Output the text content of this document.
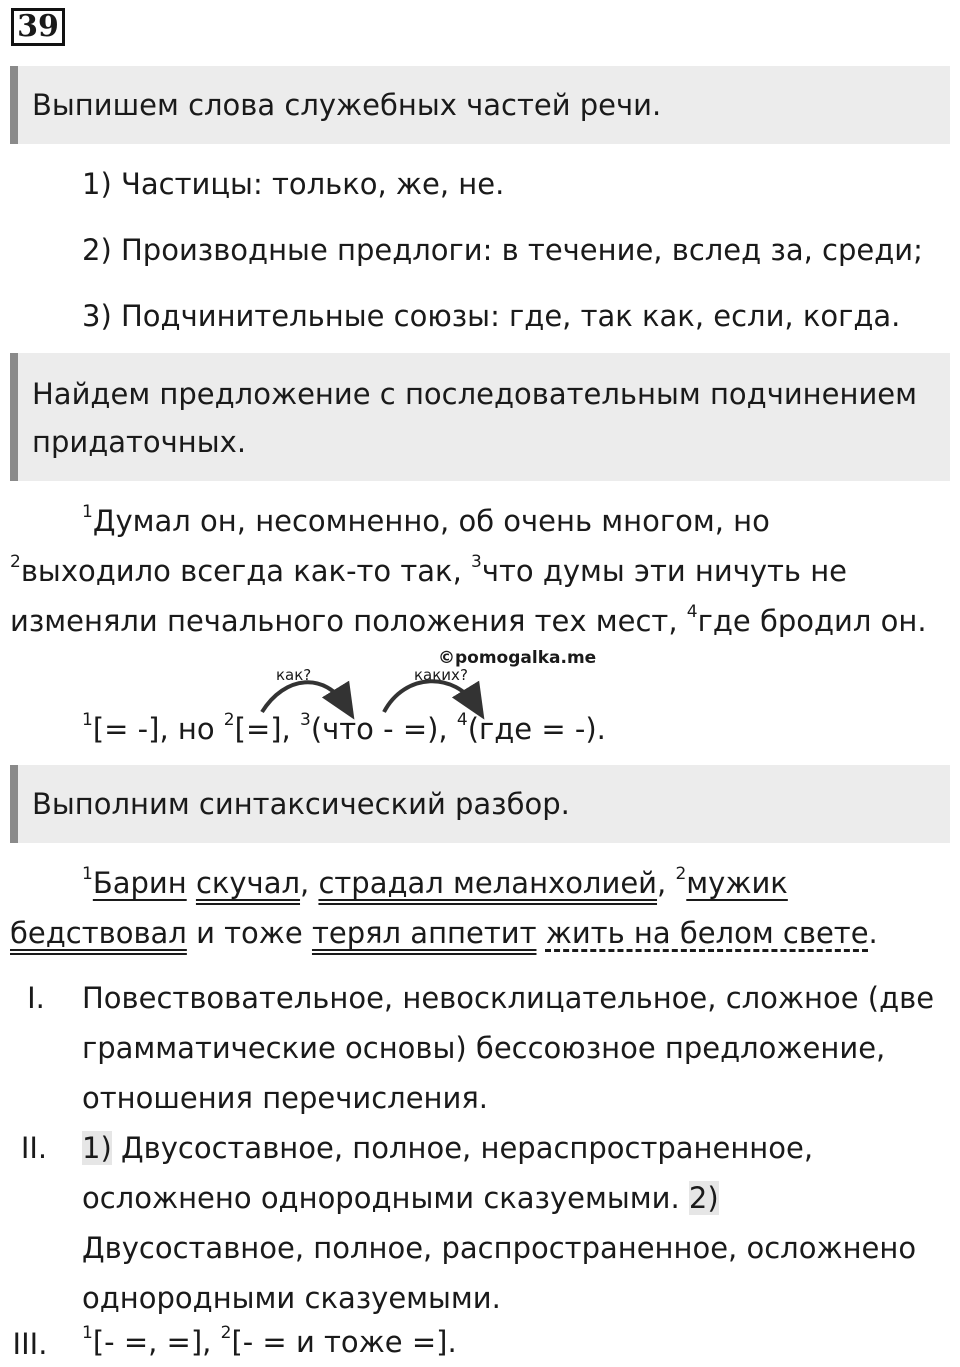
39
Выпишем слова служебных частей речи.
1) Частицы: только, же, не.
2) Производные предлоги: в течение, вслед за, среди;
3) Подчинительные союзы: где, так как, если, когда.
Найдем предложение с последовательным подчинением придаточных.
$^1$Думал он, несомненно, об очень многом, но
$^2$выходило всегда как-то так, $^3$что думы эти ничуть не
изменяли печального положения тех мест, $^4$где бродил он.
©pomogalka.me
как?	каких?
$^1$[= -], но $^2$[=], $^3$(что - =), $^4$(где = -).
Выполним синтаксический разбор.
$^1$Барин скучал, страдал меланхолией, $^2$мужик
бедствовал и тоже терял аппетит жить на белом свете.
I.	Повествовательное, невосклицательное, сложное (две
грамматические основы) бессоюзное предложение,
отношения перечисления.
II.	1) Двусоставное, полное, нераспространенное,
осложнено однородными сказуемыми. 2)
Двусоставное, полное, распространенное, осложнено
однородными сказуемыми.
III.	$^1$[- =, =], $^2$[- = и тоже =].
